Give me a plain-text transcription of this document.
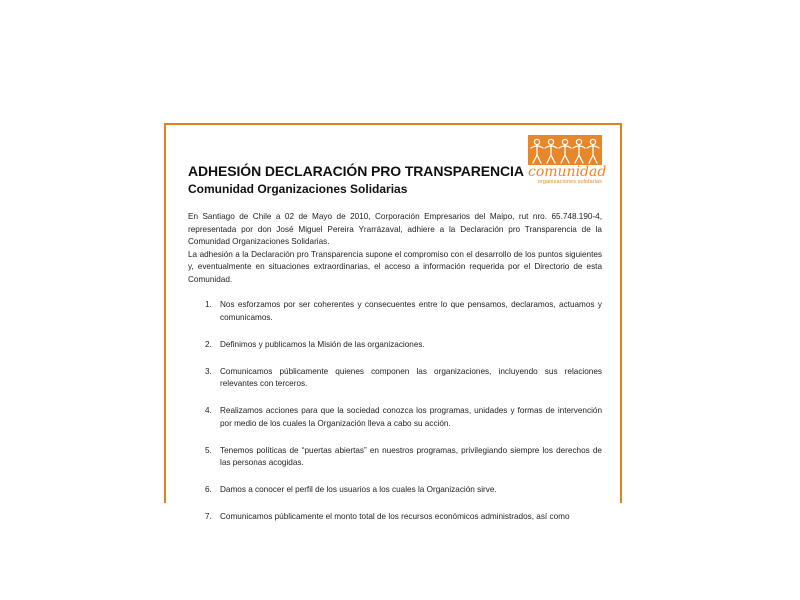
comunidad
organizaciones solidarias
ADHESIÓN DECLARACIÓN PRO TRANSPARENCIA
Comunidad Organizaciones Solidarias

En Santiago de Chile a 02 de Mayo de 2010, Corporación Empresarios del Maipo, rut nro. 65.748.190-4, representada por don José Miguel Pereira Yrarrázaval, adhiere a la Declaración pro Transparencia de la Comunidad Organizaciones Solidarias.

La adhesión a la Declaración pro Transparencia supone el compromiso con el desarrollo de los puntos siguientes y, eventualmente en situaciones extraordinarias, el acceso a información requerida por el Directorio de esta Comunidad.

1. Nos esforzamos por ser coherentes y consecuentes entre lo que pensamos, declaramos, actuamos y comunicamos.
2. Definimos y publicamos la Misión de las organizaciones.
3. Comunicamos públicamente quienes componen las organizaciones, incluyendo sus relaciones relevantes con terceros.
4. Realizamos acciones para que la sociedad conozca los programas, unidades y formas de intervención por medio de los cuales la Organización lleva a cabo su acción.
5. Tenemos políticas de “puertas abiertas” en nuestros programas, privilegiando siempre los derechos de las personas acogidas.
6. Damos a conocer el perfil de los usuarios a los cuales la Organización sirve.
7. Comunicamos públicamente el monto total de los recursos económicos administrados, así como
